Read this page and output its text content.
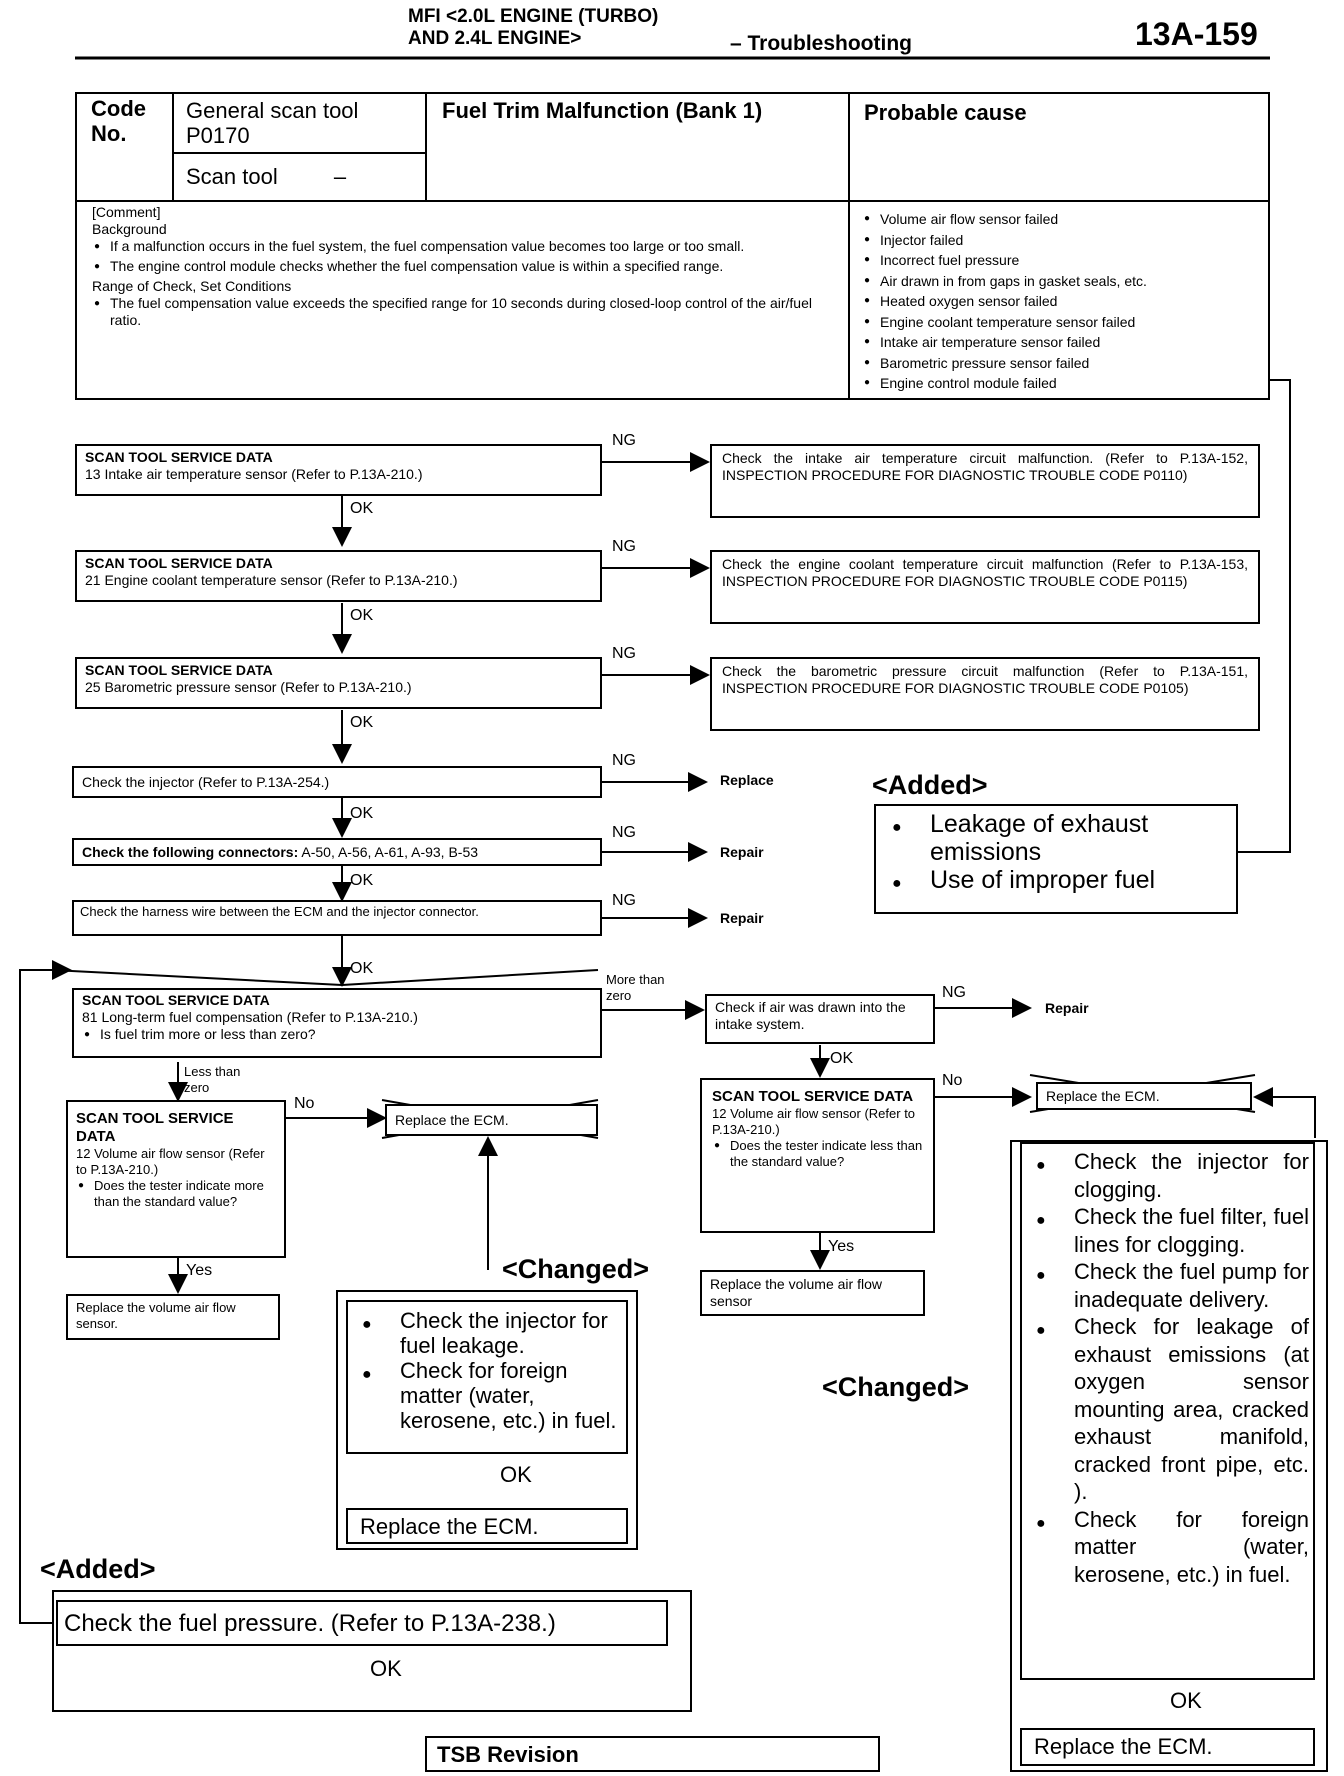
MFI <2.0L ENGINE (TURBO)
AND 2.4L ENGINE>	– Troubleshooting	13A-159
Code No.
General scan tool
P0170
Scan tool	–
Fuel Trim Malfunction (Bank 1)	Probable cause
[Comment]
Background
● If a malfunction occurs in the fuel system, the fuel compensation value becomes too large or too small.
● The engine control module checks whether the fuel compensation value is within a specified range.
Range of Check, Set Conditions
● The fuel compensation value exceeds the specified range for 10 seconds during closed-loop control of the air/fuel ratio.
● Volume air flow sensor failed
● Injector failed
● Incorrect fuel pressure
● Air drawn in from gaps in gasket seals, etc.
● Heated oxygen sensor failed
● Engine coolant temperature sensor failed
● Intake air temperature sensor failed
● Barometric pressure sensor failed
● Engine control module failed
SCAN TOOL SERVICE DATA
13 Intake air temperature sensor (Refer to P.13A-210.)
Check the intake air temperature circuit malfunction. (Refer to P.13A-152, INSPECTION PROCEDURE FOR DIAGNOSTIC TROUBLE CODE P0110)
SCAN TOOL SERVICE DATA
21 Engine coolant temperature sensor (Refer to P.13A-210.)
Check the engine coolant temperature circuit malfunction (Refer to P.13A-153, INSPECTION PROCEDURE FOR DIAGNOSTIC TROUBLE CODE P0115)
SCAN TOOL SERVICE DATA
25 Barometric pressure sensor (Refer to P.13A-210.)
Check the barometric pressure circuit malfunction (Refer to P.13A-151, INSPECTION PROCEDURE FOR DIAGNOSTIC TROUBLE CODE P0105)
Check the injector (Refer to P.13A-254.)	Replace
Check the following connectors: A-50, A-56, A-61, A-93, B-53	Repair
Check the harness wire between the ECM and the injector connector.	Repair
SCAN TOOL SERVICE DATA
81 Long-term fuel compensation (Refer to P.13A-210.)
● Is fuel trim more or less than zero?
More than zero
Less than zero
SCAN TOOL SERVICE DATA
12 Volume air flow sensor (Refer to P.13A-210.)
● Does the tester indicate more than the standard value?
Replace the volume air flow sensor.
Replace the ECM.
Check if air was drawn into the intake system.
Repair
SCAN TOOL SERVICE DATA
12 Volume air flow sensor (Refer to P.13A-210.)
● Does the tester indicate less than the standard value?
Replace the volume air flow sensor
Replace the ECM.
NG
NG
NG
NG
NG
NG
OK
OK
OK
OK
OK
OK
No
Yes
NG
OK
No
Yes
<Added>
● Leakage of exhaust emissions
● Use of improper fuel
<Changed>
● Check the injector for fuel leakage.
● Check for foreign matter (water, kerosene, etc.) in fuel.
OK
Replace the ECM.
<Changed>
● Check the injector for clogging.
● Check the fuel filter, fuel lines for clogging.
● Check the fuel pump for inadequate delivery.
● Check for leakage of exhaust emissions (at oxygen sensor mounting area, cracked exhaust manifold, cracked front pipe, etc. ).
● Check for foreign matter (water, kerosene, etc.) in fuel.
OK
Replace the ECM.
<Added>
Check the fuel pressure. (Refer to P.13A-238.)
OK
TSB Revision
